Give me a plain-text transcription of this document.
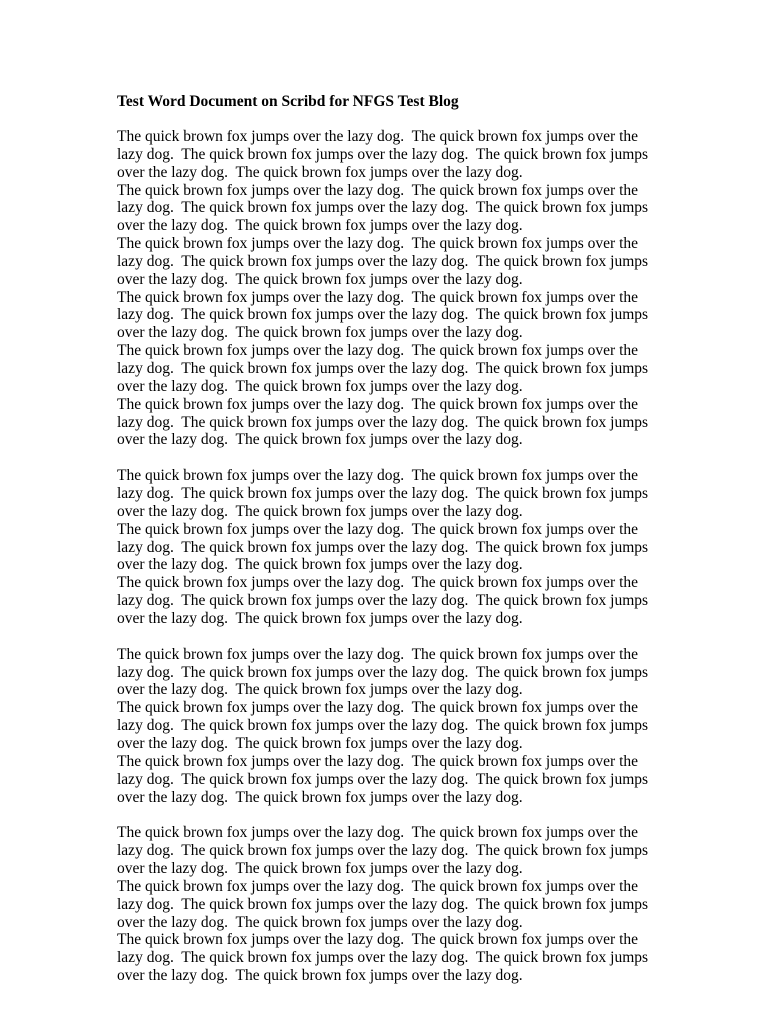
Test Word Document on Scribd for NFGS Test Blog
The quick brown fox jumps over the lazy dog.  The quick brown fox jumps over the
lazy dog.  The quick brown fox jumps over the lazy dog.  The quick brown fox jumps
over the lazy dog.  The quick brown fox jumps over the lazy dog.
The quick brown fox jumps over the lazy dog.  The quick brown fox jumps over the
lazy dog.  The quick brown fox jumps over the lazy dog.  The quick brown fox jumps
over the lazy dog.  The quick brown fox jumps over the lazy dog.
The quick brown fox jumps over the lazy dog.  The quick brown fox jumps over the
lazy dog.  The quick brown fox jumps over the lazy dog.  The quick brown fox jumps
over the lazy dog.  The quick brown fox jumps over the lazy dog.
The quick brown fox jumps over the lazy dog.  The quick brown fox jumps over the
lazy dog.  The quick brown fox jumps over the lazy dog.  The quick brown fox jumps
over the lazy dog.  The quick brown fox jumps over the lazy dog.
The quick brown fox jumps over the lazy dog.  The quick brown fox jumps over the
lazy dog.  The quick brown fox jumps over the lazy dog.  The quick brown fox jumps
over the lazy dog.  The quick brown fox jumps over the lazy dog.
The quick brown fox jumps over the lazy dog.  The quick brown fox jumps over the
lazy dog.  The quick brown fox jumps over the lazy dog.  The quick brown fox jumps
over the lazy dog.  The quick brown fox jumps over the lazy dog.
The quick brown fox jumps over the lazy dog.  The quick brown fox jumps over the
lazy dog.  The quick brown fox jumps over the lazy dog.  The quick brown fox jumps
over the lazy dog.  The quick brown fox jumps over the lazy dog.
The quick brown fox jumps over the lazy dog.  The quick brown fox jumps over the
lazy dog.  The quick brown fox jumps over the lazy dog.  The quick brown fox jumps
over the lazy dog.  The quick brown fox jumps over the lazy dog.
The quick brown fox jumps over the lazy dog.  The quick brown fox jumps over the
lazy dog.  The quick brown fox jumps over the lazy dog.  The quick brown fox jumps
over the lazy dog.  The quick brown fox jumps over the lazy dog.
The quick brown fox jumps over the lazy dog.  The quick brown fox jumps over the
lazy dog.  The quick brown fox jumps over the lazy dog.  The quick brown fox jumps
over the lazy dog.  The quick brown fox jumps over the lazy dog.
The quick brown fox jumps over the lazy dog.  The quick brown fox jumps over the
lazy dog.  The quick brown fox jumps over the lazy dog.  The quick brown fox jumps
over the lazy dog.  The quick brown fox jumps over the lazy dog.
The quick brown fox jumps over the lazy dog.  The quick brown fox jumps over the
lazy dog.  The quick brown fox jumps over the lazy dog.  The quick brown fox jumps
over the lazy dog.  The quick brown fox jumps over the lazy dog.
The quick brown fox jumps over the lazy dog.  The quick brown fox jumps over the
lazy dog.  The quick brown fox jumps over the lazy dog.  The quick brown fox jumps
over the lazy dog.  The quick brown fox jumps over the lazy dog.
The quick brown fox jumps over the lazy dog.  The quick brown fox jumps over the
lazy dog.  The quick brown fox jumps over the lazy dog.  The quick brown fox jumps
over the lazy dog.  The quick brown fox jumps over the lazy dog.
The quick brown fox jumps over the lazy dog.  The quick brown fox jumps over the
lazy dog.  The quick brown fox jumps over the lazy dog.  The quick brown fox jumps
over the lazy dog.  The quick brown fox jumps over the lazy dog.
